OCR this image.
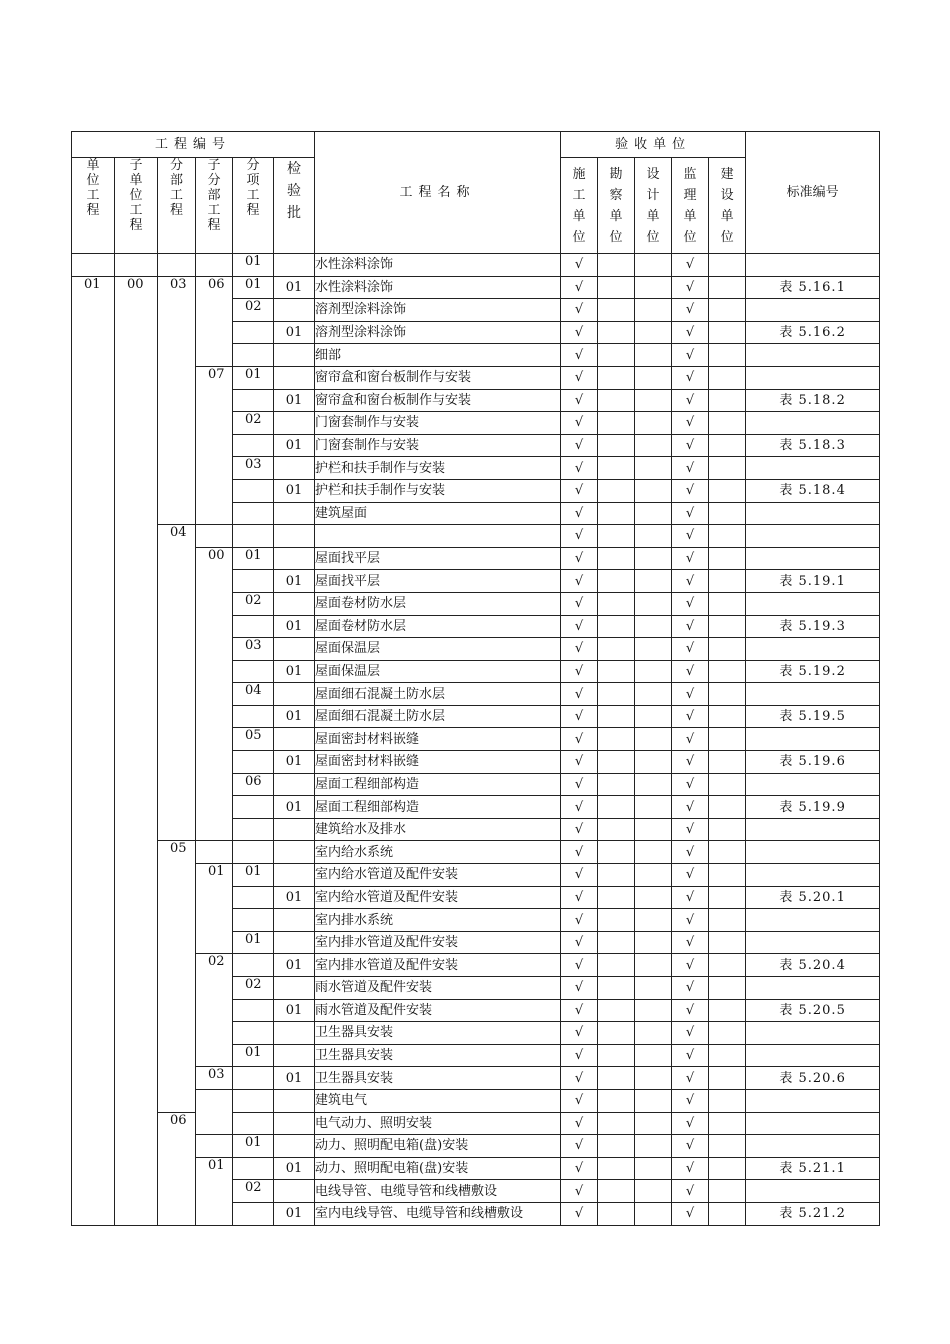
工程编号						工程名称	验收单位					标准编号
单位工程	子单位工程	分部工程	子分部工程	分项工程	检验批		施工单位	勘察单位	设计单位	监理单位	建设单位	
				01		水性涂料涂饰	√			√		
01	00	03	06	01	01	水性涂料涂饰	√			√		表 5.16.1
				02		溶剂型涂料涂饰	√			√		
					01	溶剂型涂料涂饰	√			√		表 5.16.2
						细部	√			√		
			07	01		窗帘盒和窗台板制作与安装	√			√		
					01	窗帘盒和窗台板制作与安装	√			√		表 5.18.2
				02		门窗套制作与安装	√			√		
					01	门窗套制作与安装	√			√		表 5.18.3
				03		护栏和扶手制作与安装	√			√		
					01	护栏和扶手制作与安装	√			√		表 5.18.4
						建筑屋面	√			√		
		04					√			√		
			00	01		屋面找平层	√			√		
					01	屋面找平层	√			√		表 5.19.1
				02		屋面卷材防水层	√			√		
					01	屋面卷材防水层	√			√		表 5.19.3
				03		屋面保温层	√			√		
					01	屋面保温层	√			√		表 5.19.2
				04		屋面细石混凝土防水层	√			√		
					01	屋面细石混凝土防水层	√			√		表 5.19.5
				05		屋面密封材料嵌缝	√			√		
					01	屋面密封材料嵌缝	√			√		表 5.19.6
				06		屋面工程细部构造	√			√		
					01	屋面工程细部构造	√			√		表 5.19.9
						建筑给水及排水	√			√		
		05				室内给水系统	√			√		
			01	01		室内给水管道及配件安装	√			√		
					01	室内给水管道及配件安装	√			√		表 5.20.1
						室内排水系统	√			√		
				01		室内排水管道及配件安装	√			√		
			02		01	室内排水管道及配件安装	√			√		表 5.20.4
				02		雨水管道及配件安装	√			√		
					01	雨水管道及配件安装	√			√		表 5.20.5
						卫生器具安装	√			√		
				01		卫生器具安装	√			√		
			03		01	卫生器具安装	√			√		表 5.20.6
						建筑电气	√			√		
		06				电气动力、照明安装	√			√		
				01		动力、照明配电箱(盘)安装	√			√		
			01		01	动力、照明配电箱(盘)安装	√			√		表 5.21.1
				02		电线导管、电缆导管和线槽敷设	√			√		
					01	室内电线导管、电缆导管和线槽敷设	√			√		表 5.21.2
